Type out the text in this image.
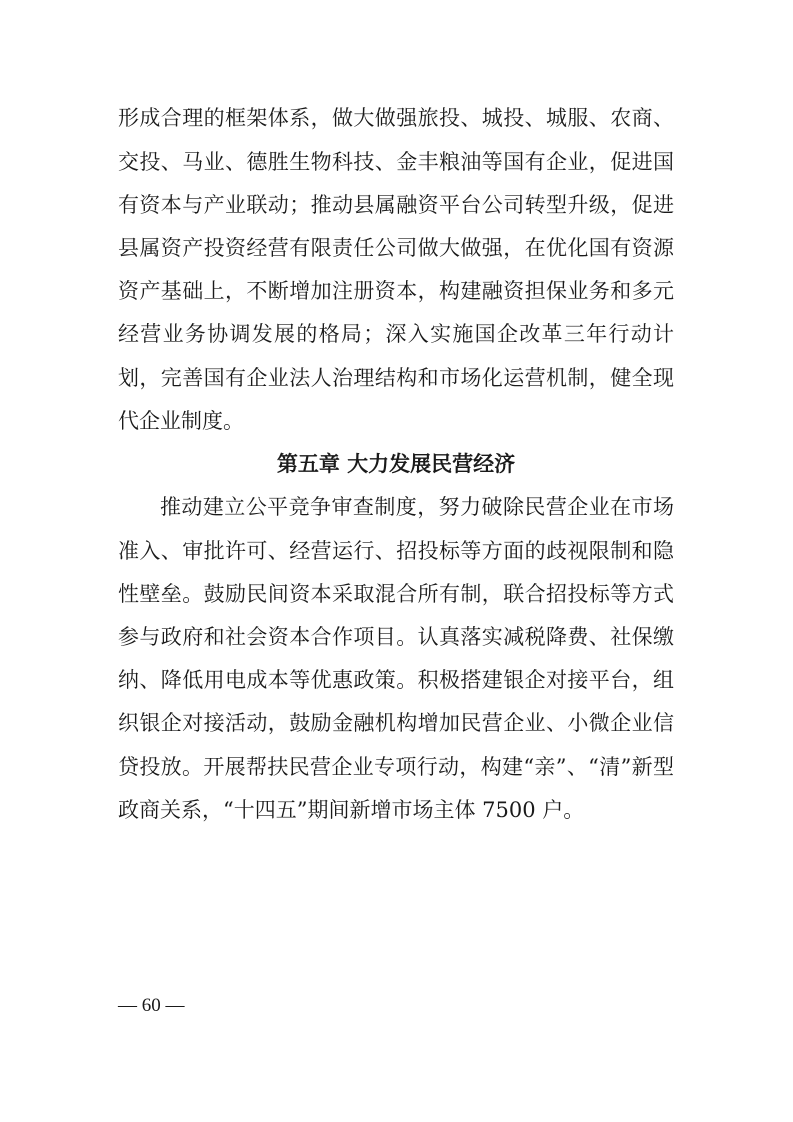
形成合理的框架体系，做大做强旅投、城投、城服、农商、
交投、马业、德胜生物科技、金丰粮油等国有企业，促进国
有资本与产业联动；推动县属融资平台公司转型升级，促进
县属资产投资经营有限责任公司做大做强，在优化国有资源
资产基础上，不断增加注册资本，构建融资担保业务和多元
经营业务协调发展的格局；深入实施国企改革三年行动计
划，完善国有企业法人治理结构和市场化运营机制，健全现
代企业制度。
第五章 大力发展民营经济
推动建立公平竞争审查制度，努力破除民营企业在市场
准入、审批许可、经营运行、招投标等方面的歧视限制和隐
性壁垒。鼓励民间资本采取混合所有制，联合招投标等方式
参与政府和社会资本合作项目。认真落实减税降费、社保缴
纳、降低用电成本等优惠政策。积极搭建银企对接平台，组
织银企对接活动，鼓励金融机构增加民营企业、小微企业信
贷投放。开展帮扶民营企业专项行动，构建“亲”、“清”新型
政商关系，“十四五”期间新增市场主体 7500 户。
— 60 —
